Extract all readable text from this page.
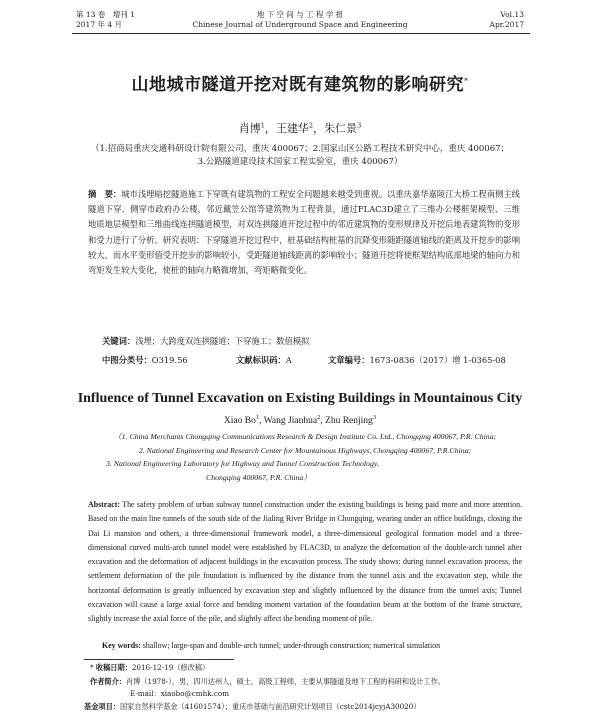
第 13 卷　增刊 1
2017 年 4 月
地 下 空 间 与 工 程 学 报
Chinese Journal of Underground Space and Engineering
Vol.13
Apr.2017
山地城市隧道开挖对既有建筑物的影响研究*
肖博$^1$，王建华$^2$，朱仁景$^3$
（1.招商局重庆交通科研设计院有限公司，重庆 400067；2.国家山区公路工程技术研究中心，重庆 400067；
3.公路隧道建设技术国家工程实验室，重庆 400067）
摘　要：城市浅埋暗挖隧道施工下穿既有建筑物的工程安全问题越来越受到重视。以重庆嘉华嘉陵江大桥工程南侧主线隧道下穿、侧穿市政府办公楼，邻近戴笠公馆等建筑物为工程背景，通过FLAC3D建立了三维办公楼框架模型、三维地质地层模型和三维曲线连拱隧道模型，对双连拱隧道开挖过程中的邻近建筑物的变形规律及开挖后地表建筑物的变形和受力进行了分析。研究表明：下穿隧道开挖过程中，桩基础结构桩基的沉降变形随距隧道轴线的距离及开挖步的影响较大，而水平变形值受开挖步的影响较小，受距隧道轴线距离的影响较小；隧道开挖将使框架结构底部地梁的轴向力和弯矩发生较大变化，使桩的轴向力略微增加，弯矩略微变化。
关键词：浅埋；大跨度双连拱隧道；下穿施工；数值模拟
中图分类号：O319.56	文献标识码：A	文章编号：1673-0836（2017）增 1-0365-08
Influence of Tunnel Excavation on Existing Buildings in Mountainous City
Xiao Bo$^1$, Wang Jianhua$^2$, Zhu Renjing$^3$
（1. China Merchants Chongqing Communications Research & Design Institute Co. Ltd., Chongqing 400067, P.R. China;
2. National Engineering and Research Center for Mountainous Highways, Chongqing 400067, P.R.China;
3. National Engineering Laboratory for Highway and Tunnel Construction Technology,
Chongqing 400067, P.R. China）
Abstract: The safety problem of urban subway tunnel construction under the existing buildings is being paid more and more attention. Based on the main line tunnels of the south side of the Jialing River Bridge in Chongqing, wearing under an office buildings, closing the Dai Li mansion and others, a three-dimensional framework model, a three-dimensional geological formation model and a three-dimensional curved multi-arch tunnel model were established by FLAC3D, to analyze the deformation of the double-arch tunnel after excavation and the deformation of adjacent buildings in the excavation process. The study shows: during tunnel excavation process, the settlement deformation of the pile foundation is influenced by the distance from the tunnel axis and the excavation step, while the horizontal deformation is greatly influenced by excavation step and slightly influenced by the distance from the tunnel axis; Tunnel excavation will cause a large axial force and bending moment variation of the foundation beam at the bottom of the frame structure, slightly increase the axial force of the pile, and slightly affect the bending moment of pile.
Key words: shallow; large-span and double-arch tunnel; under-through construction; numerical simulation
* 收稿日期：2016-12-19（修改稿）
作者简介：肖博（1978-），男，四川达州人，硕士，高级工程师，主要从事隧道及地下工程的科研和设计工作。
E-mail：xiaobo@cmhk.com
基金项目：国家自然科学基金（41601574）；重庆市基础与前沿研究计划项目（cstc2014jcyjA30020）
